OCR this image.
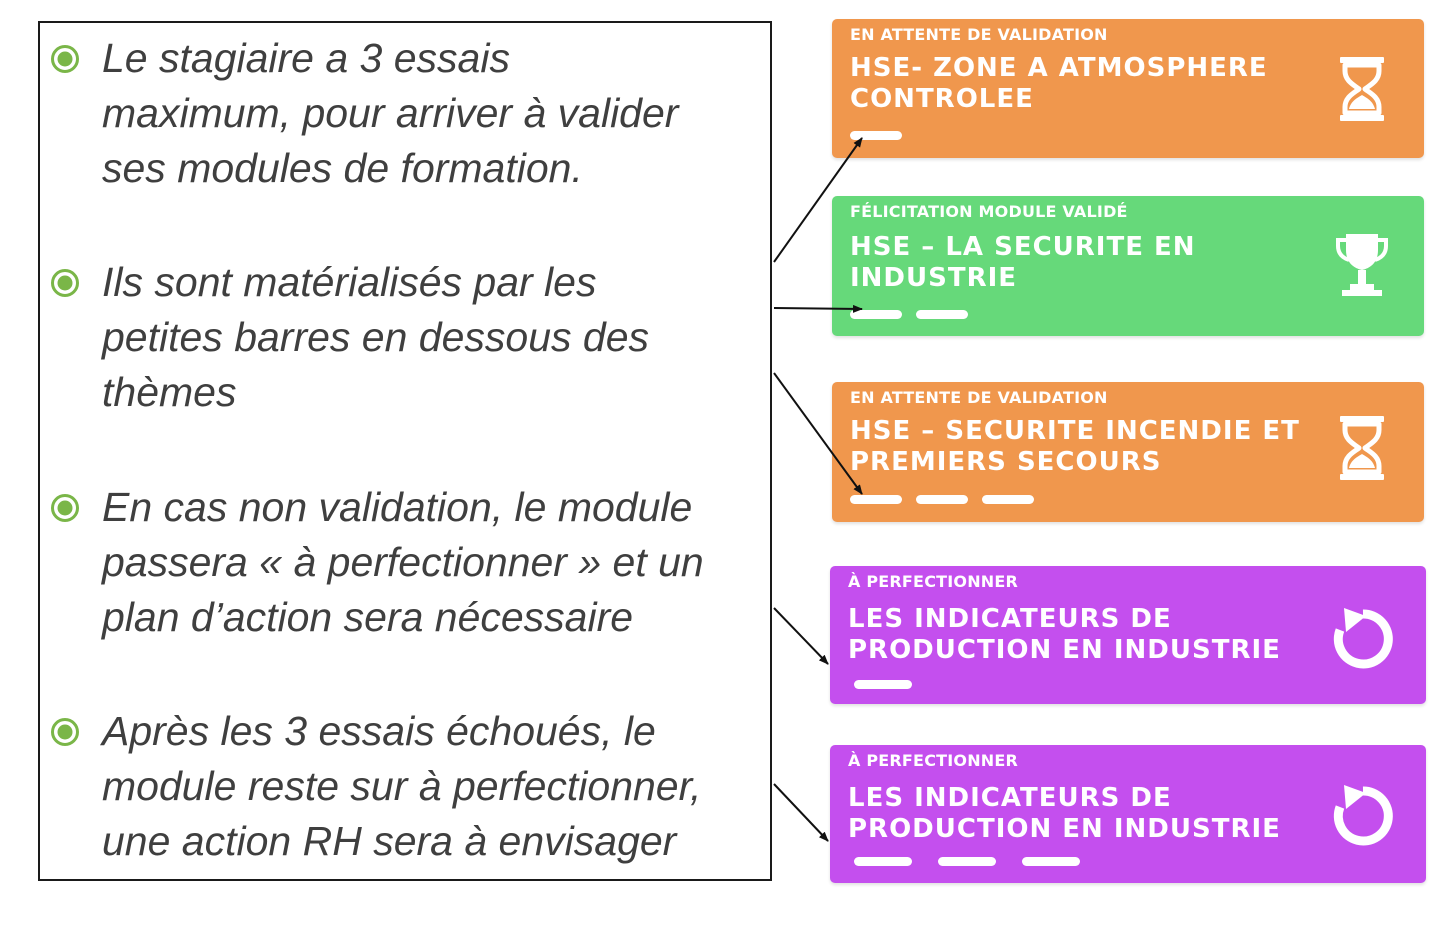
Le stagiaire a 3 essais
maximum, pour arriver à valider
ses modules de formation.

Ils sont matérialisés par les
petites barres en dessous des
thèmes

En cas non validation, le module
passera « à perfectionner » et un
plan d’action sera nécessaire

Après les 3 essais échoués, le
module reste sur à perfectionner,
une action RH sera à envisager

EN ATTENTE DE VALIDATION
HSE- ZONE A ATMOSPHERE
CONTROLEE
FÉLICITATION MODULE VALIDÉ
HSE – LA SECURITE EN
INDUSTRIE
EN ATTENTE DE VALIDATION
HSE – SECURITE INCENDIE ET
PREMIERS SECOURS
À PERFECTIONNER
LES INDICATEURS DE
PRODUCTION EN INDUSTRIE
À PERFECTIONNER
LES INDICATEURS DE
PRODUCTION EN INDUSTRIE
